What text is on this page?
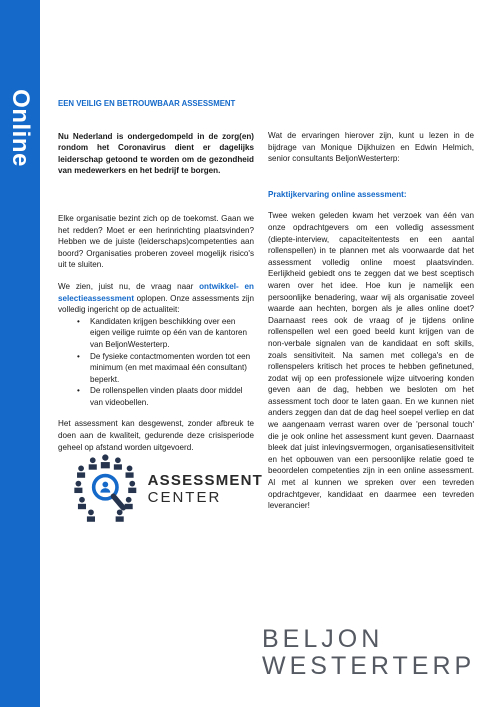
Online	EEN VEILIG EN BETROUWBAAR ASSESSMENT

Nu Nederland is ondergedompeld in de zorg(en) rondom het Coronavirus dient er dagelijks leiderschap getoond te worden om de gezondheid van medewerkers en het bedrijf te borgen.

Elke organisatie bezint zich op de toekomst. Gaan we het redden? Moet er een herinrichting plaatsvinden? Hebben we de juiste (leiderschaps)competenties aan boord? Organisaties proberen zoveel mogelijk risico's uit te sluiten.

We zien, juist nu, de vraag naar ontwikkel- en selectieassessment oplopen. Onze assessments zijn volledig ingericht op de actualiteit:

• Kandidaten krijgen beschikking over een eigen veilige ruimte op één van de kantoren van BeljonWesterterp.
• De fysieke contactmomenten worden tot een minimum (en met maximaal één consultant) beperkt.
• De rollenspellen vinden plaats door middel van videobellen.

Het assessment kan desgewenst, zonder afbreuk te doen aan de kwaliteit, gedurende deze crisisperiode geheel op afstand worden uitgevoerd.

ASSESSMENT
CENTER

Wat de ervaringen hierover zijn, kunt u lezen in de bijdrage van Monique Dijkhuizen en Edwin Helmich, senior consultants BeljonWesterterp:

Praktijkervaring online assessment:

Twee weken geleden kwam het verzoek van één van onze opdrachtgevers om een volledig assessment (diepte-interview, capaciteitentests en een aantal rollenspellen) in te plannen met als voorwaarde dat het assessment volledig online moest plaatsvinden. Eerlijkheid gebiedt ons te zeggen dat we best sceptisch waren over het idee. Hoe kun je namelijk een persoonlijke benadering, waar wij als organisatie zoveel waarde aan hechten, borgen als je alles online doet? Daarnaast rees ook de vraag of je tijdens online rollenspellen wel een goed beeld kunt krijgen van de non-verbale signalen van de kandidaat en soft skills, zoals sensitiviteit. Na samen met collega's en de rollenspelers kritisch het proces te hebben gefinetuned, zodat wij op een professionele wijze uitvoering konden geven aan de dag, hebben we besloten om het assessment toch door te laten gaan. En we kunnen niet anders zeggen dan dat de dag heel soepel verliep en dat we aangenaam verrast waren over de 'personal touch' die je ook online het assessment kunt geven. Daarnaast bleek dat juist inlevingsvermogen, organisatiesensitiviteit en het opbouwen van een persoonlijke relatie goed te beoordelen competenties zijn in een online assessment. Al met al kunnen we spreken over een tevreden opdrachtgever, kandidaat en daarmee een tevreden leverancier!

BELJON
WESTERTERP
